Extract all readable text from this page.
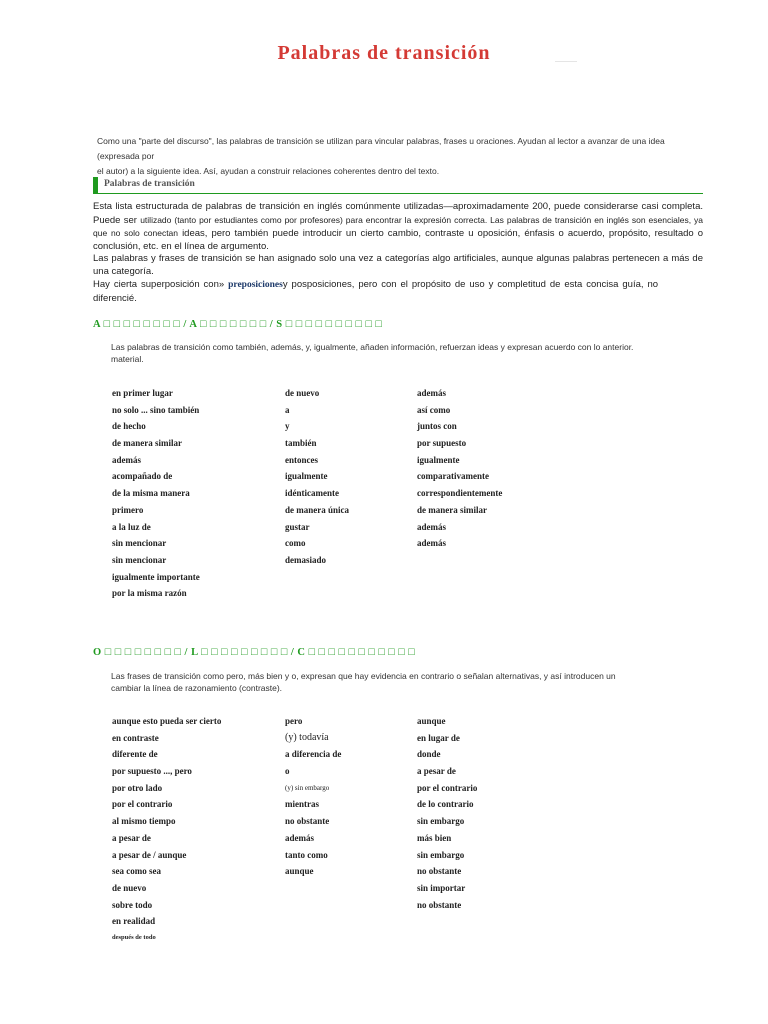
Palabras de transición
Como una "parte del discurso", las palabras de transición se utilizan para vincular palabras, frases u oraciones. Ayudan al lector a avanzar de una idea (expresada por
el autor) a la siguiente idea. Así, ayudan a construir relaciones coherentes dentro del texto.
Palabras de transición

Esta lista estructurada de palabras de transición en inglés comúnmente utilizadas—aproximadamente 200, puede considerarse casi completa. Puede ser utilizado (tanto por estudiantes como por profesores) para encontrar la expresión correcta. Las palabras de transición en inglés son esenciales, ya que no solo conectan ideas, pero también puede introducir un cierto cambio, contraste u oposición, énfasis o acuerdo, propósito, resultado o conclusión, etc. en el línea de argumento.

Las palabras y frases de transición se han asignado solo una vez a categorías algo artificiales, aunque algunas palabras pertenecen a más de una categoría.

Hay cierta superposición con» preposicionesy posposiciones, pero con el propósito de uso y completitud de esta concisa guía, no diferencié.

A □ □ □ □ □ □ □ □ / A □ □ □ □ □ □ □ / S □ □ □ □ □ □ □ □ □ □
Las palabras de transición como también, además, y, igualmente, añaden información, refuerzan ideas y expresan acuerdo con lo anterior.
material.
en primer lugar
no solo ... sino también
de hecho
de manera similar
además
acompañado de
de la misma manera
primero
a la luz de
sin mencionar
sin mencionar
igualmente importante
por la misma razón
de nuevo
a
y
también
entonces
igualmente
idénticamente
de manera única
gustar
como
demasiado
además
así como
juntos con
por supuesto
igualmente
comparativamente
correspondientemente
de manera similar
además
además
O □ □ □ □ □ □ □ □ / L □ □ □ □ □ □ □ □ □ / C □ □ □ □ □ □ □ □ □ □ □
Las frases de transición como pero, más bien y o, expresan que hay evidencia en contrario o señalan alternativas, y así introducen un
cambiar la línea de razonamiento (contraste).
aunque esto pueda ser cierto
en contraste
diferente de
por supuesto ..., pero
por otro lado
por el contrario
al mismo tiempo
a pesar de
a pesar de / aunque
sea como sea
de nuevo
sobre todo
en realidad
después de todo
pero
(y) todavía
a diferencia de
o
(y) sin embargo
mientras
no obstante
además
tanto como
aunque
aunque
en lugar de
donde
a pesar de
por el contrario
de lo contrario
sin embargo
más bien
sin embargo
no obstante
sin importar
no obstante
